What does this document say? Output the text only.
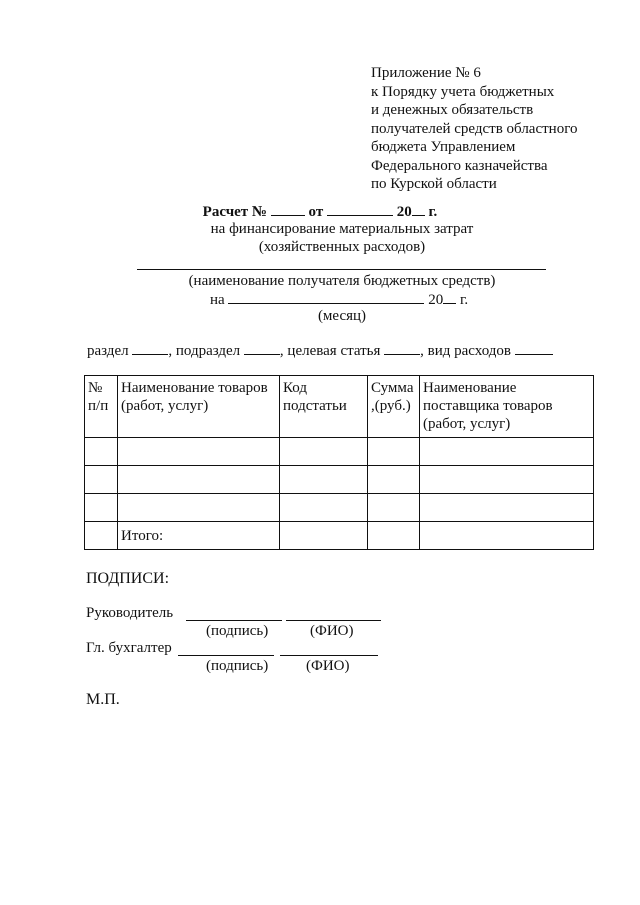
Приложение № 6
к Порядку учета бюджетных
и денежных обязательств
получателей средств областного
бюджета Управлением
Федерального казначейства
по Курской области
Расчет №	от	20 г.
на финансирование материальных затрат
(хозяйственных расходов)
(наименование получателя бюджетных средств)
на	20 г.
(месяц)
раздел	, подраздел	, целевая статья	, вид расходов
№ п/п	Наименование товаров (работ, услуг)	Код подстатьи	Сумма ,(руб.)	Наименование поставщика товаров (работ, услуг)

	Итого:			
ПОДПИСИ:
Руководитель
(подпись)	(ФИО)
Гл. бухгалтер
(подпись)	(ФИО)
М.П.
